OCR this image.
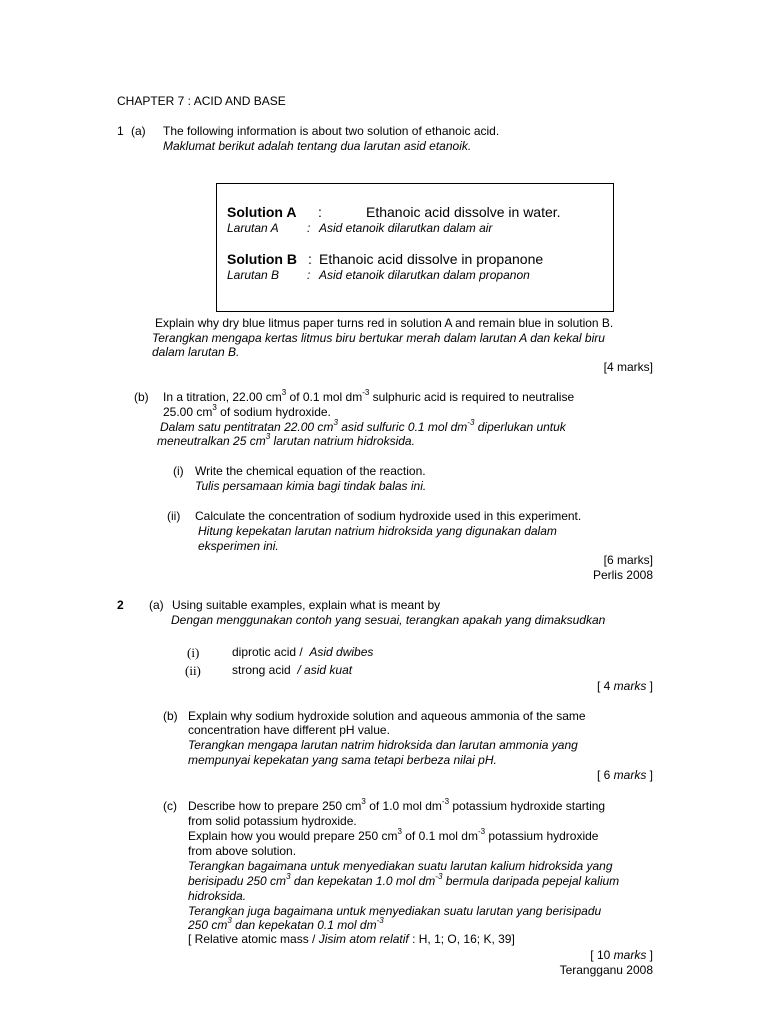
CHAPTER 7 : ACID AND BASE
1 (a) The following information is about two solution of ethanoic acid.
Maklumat berikut adalah tentang dua larutan asid etanoik.
Solution A :	Ethanoic acid dissolve in water.
Larutan A : Asid etanoik dilarutkan dalam air
Solution B : Ethanoic acid dissolve in propanone
Larutan B : Asid etanoik dilarutkan dalam propanon
Explain why dry blue litmus paper turns red in solution A and remain blue in solution B.
Terangkan mengapa kertas litmus biru bertukar merah dalam larutan A dan kekal biru
dalam larutan B.
[4 marks]
(b) In a titration, 22.00 $cm^3$ of 0.1 mol $dm^{-3}$ sulphuric acid is required to neutralise
25.00 $cm^3$ of sodium hydroxide.
Dalam satu pentitratan 22.00 $cm^3$ asid sulfuric 0.1 mol $dm^{-3}$ diperlukan untuk
meneutralkan 25 $cm^3$ larutan natrium hidroksida.
(i) Write the chemical equation of the reaction.
Tulis persamaan kimia bagi tindak balas ini.
(ii) Calculate the concentration of sodium hydroxide used in this experiment.
Hitung kepekatan larutan natrium hidroksida yang digunakan dalam
eksperimen ini.
[6 marks]
Perlis 2008
2 (a) Using suitable examples, explain what is meant by
Dengan menggunakan contoh yang sesuai, terangkan apakah yang dimaksudkan
(i)	diprotic acid / Asid dwibes
(ii)	strong acid / asid kuat
[ 4 marks ]
(b) Explain why sodium hydroxide solution and aqueous ammonia of the same
concentration have different pH value.
Terangkan mengapa larutan natrim hidroksida dan larutan ammonia yang
mempunyai kepekatan yang sama tetapi berbeza nilai pH.
[ 6 marks ]
(c) Describe how to prepare 250 $cm^3$ of 1.0 mol $dm^{-3}$ potassium hydroxide starting
from solid potassium hydroxide.
Explain how you would prepare 250 $cm^3$ of 0.1 mol $dm^{-3}$ potassium hydroxide
from above solution.
Terangkan bagaimana untuk menyediakan suatu larutan kalium hidroksida yang
berisipadu 250 $cm^3$ dan kepekatan 1.0 mol $dm^{-3}$ bermula daripada pepejal kalium
hidroksida.
Terangkan juga bagaimana untuk menyediakan suatu larutan yang berisipadu
250 $cm^3$ dan kepekatan 0.1 mol $dm^{-3}$
[ Relative atomic mass / Jisim atom relatif : H, 1; O, 16; K, 39]
[ 10 marks ]
Terangganu 2008
